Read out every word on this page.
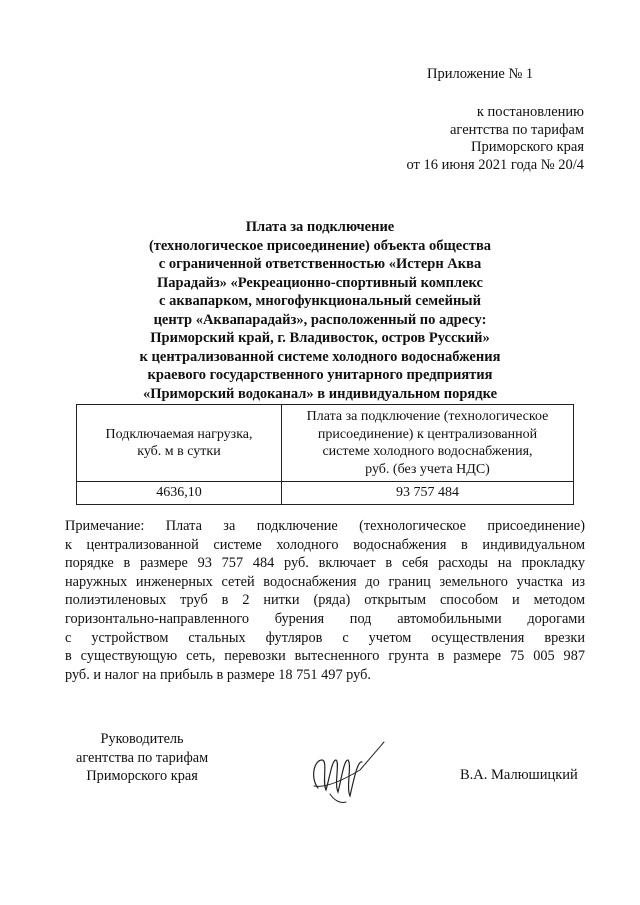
Приложение № 1
к постановлению
агентства по тарифам
Приморского края
от 16 июня 2021 года № 20/4
Плата за подключение
(технологическое присоединение) объекта общества
с ограниченной ответственностью «Истерн Аква
Парадайз» «Рекреационно-спортивный комплекс
с аквапарком, многофункциональный семейный
центр «Аквапарадайз», расположенный по адресу:
Приморский край, г. Владивосток, остров Русский»
к централизованной системе холодного водоснабжения
краевого государственного унитарного предприятия
«Приморский водоканал» в индивидуальном порядке
Подключаемая нагрузка,
куб. м в сутки	Плата за подключение (технологическое
присоединение) к централизованной
системе холодного водоснабжения,
руб. (без учета НДС)

4636,10	93 757 484
Примечание: Плата за подключение (технологическое присоединение)
к централизованной системе холодного водоснабжения в индивидуальном
порядке в размере 93 757 484 руб. включает в себя расходы на прокладку
наружных инженерных сетей водоснабжения до границ земельного участка из
полиэтиленовых труб в 2 нитки (ряда) открытым способом и методом
горизонтально-направленного бурения под автомобильными дорогами
с устройством стальных футляров с учетом осуществления врезки
в существующую сеть, перевозки вытесненного грунта в размере 75 005 987
руб. и налог на прибыль в размере 18 751 497 руб.
Руководитель
агентства по тарифам
Приморского края	В.А. Малюшицкий
